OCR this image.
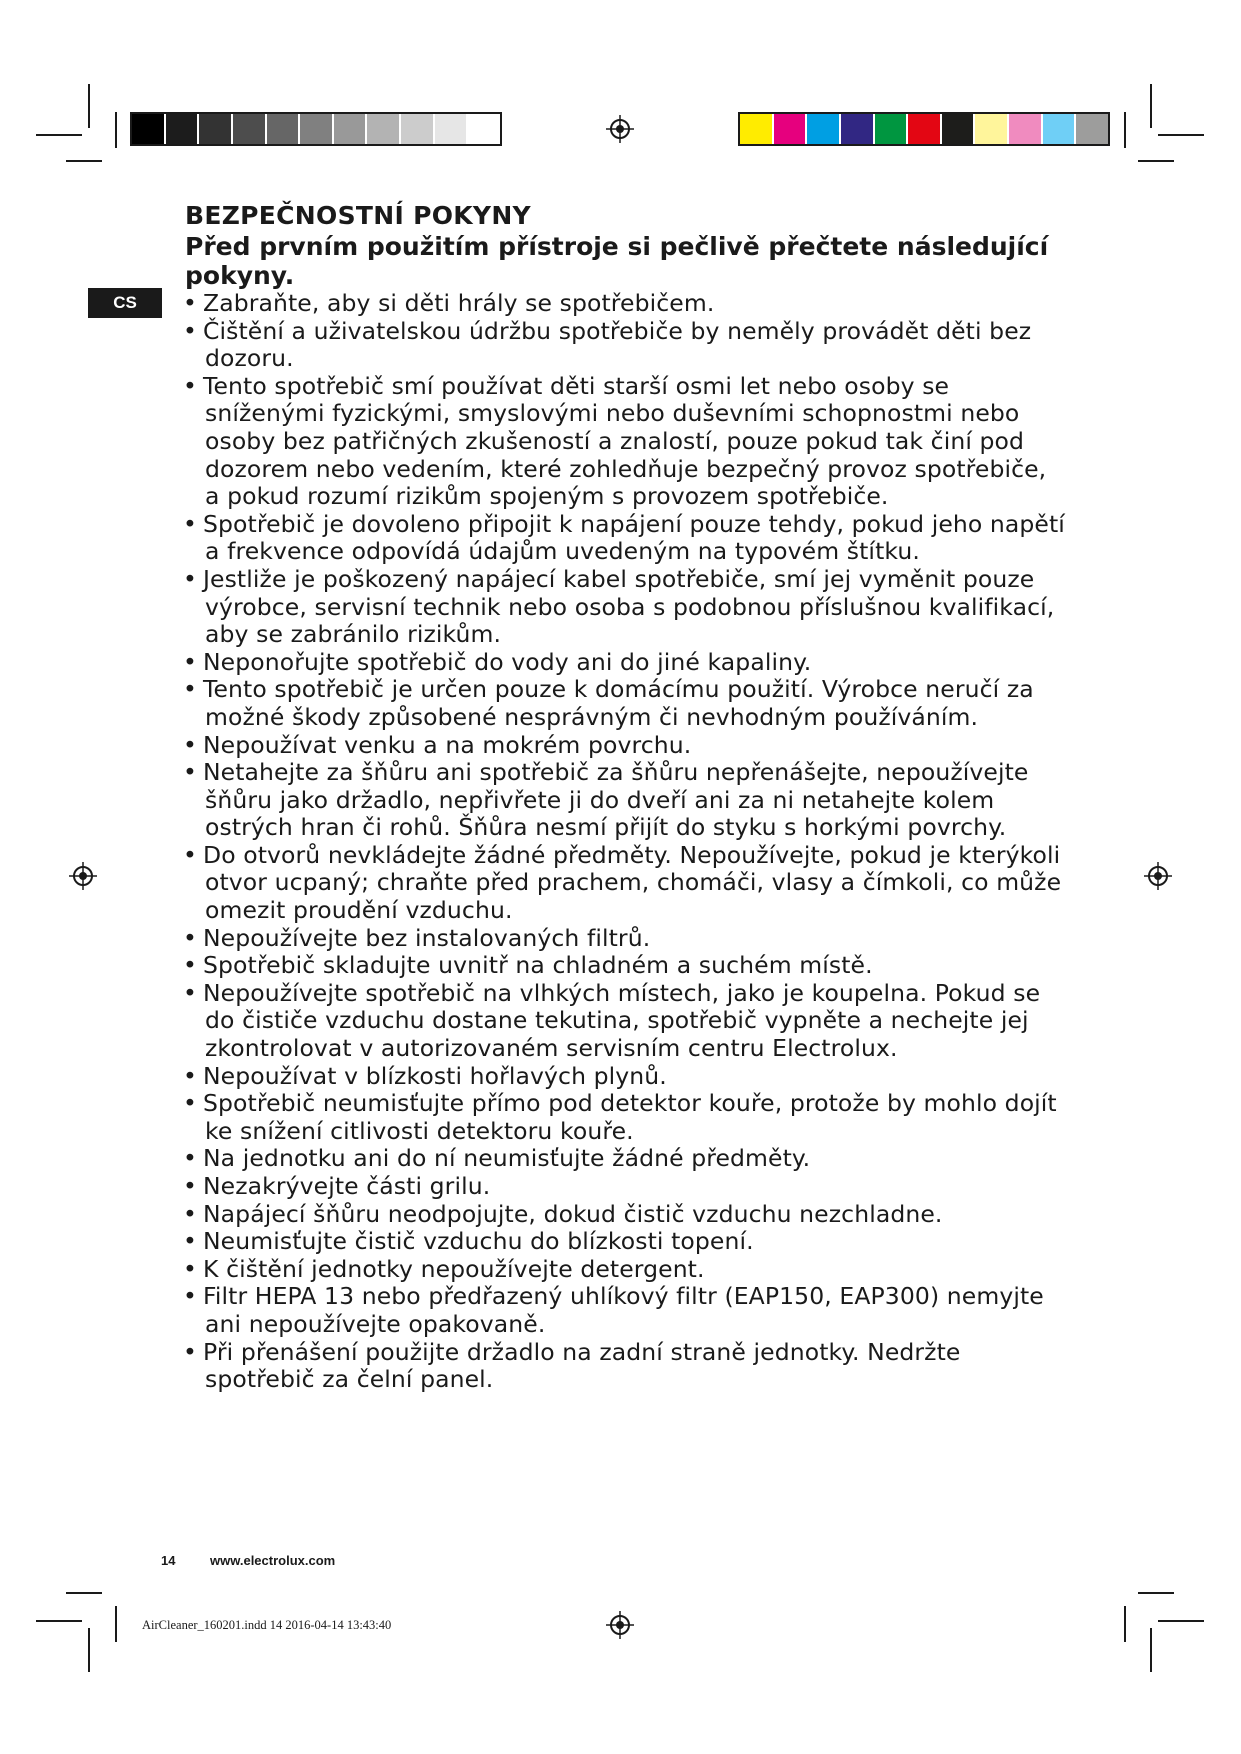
CS
BEZPEČNOSTNÍ POKYNY

Před prvním použitím přístroje si pečlivě přečtete následující pokyny.

• Zabraňte, aby si děti hrály se spotřebičem.
• Čištění a uživatelskou údržbu spotřebiče by neměly provádět děti bez dozoru.
• Tento spotřebič smí používat děti starší osmi let nebo osoby se sníženými fyzickými, smyslovými nebo duševními schopnostmi nebo osoby bez patřičných zkušeností a znalostí, pouze pokud tak činí pod dozorem nebo vedením, které zohledňuje bezpečný provoz spotřebiče, a pokud rozumí rizikům spojeným s provozem spotřebiče.
• Spotřebič je dovoleno připojit k napájení pouze tehdy, pokud jeho napětí a frekvence odpovídá údajům uvedeným na typovém štítku.
• Jestliže je poškozený napájecí kabel spotřebiče, smí jej vyměnit pouze výrobce, servisní technik nebo osoba s podobnou příslušnou kvalifikací, aby se zabránilo rizikům.
• Neponořujte spotřebič do vody ani do jiné kapaliny.
• Tento spotřebič je určen pouze k domácímu použití. Výrobce neručí za možné škody způsobené nesprávným či nevhodným používáním.
• Nepoužívat venku a na mokrém povrchu.
• Netahejte za šňůru ani spotřebič za šňůru nepřenášejte, nepoužívejte šňůru jako držadlo, nepřivřete ji do dveří ani za ni netahejte kolem ostrých hran či rohů. Šňůra nesmí přijít do styku s horkými povrchy.
• Do otvorů nevkládejte žádné předměty. Nepoužívejte, pokud je kterýkoli otvor ucpaný; chraňte před prachem, chomáči, vlasy a čímkoli, co může omezit proudění vzduchu.
• Nepoužívejte bez instalovaných filtrů.
• Spotřebič skladujte uvnitř na chladném a suchém místě.
• Nepoužívejte spotřebič na vlhkých místech, jako je koupelna. Pokud se do čističe vzduchu dostane tekutina, spotřebič vypněte a nechejte jej zkontrolovat v autorizovaném servisním centru Electrolux.
• Nepoužívat v blízkosti hořlavých plynů.
• Spotřebič neumisťujte přímo pod detektor kouře, protože by mohlo dojít ke snížení citlivosti detektoru kouře.
• Na jednotku ani do ní neumisťujte žádné předměty.
• Nezakrývejte části grilu.
• Napájecí šňůru neodpojujte, dokud čistič vzduchu nezchladne.
• Neumisťujte čistič vzduchu do blízkosti topení.
• K čištění jednotky nepoužívejte detergent.
• Filtr HEPA 13 nebo předřazený uhlíkový filtr (EAP150, EAP300) nemyjte ani nepoužívejte opakovaně.
• Při přenášení použijte držadlo na zadní straně jednotky. Nedržte spotřebič za čelní panel.
14	www.electrolux.com
AirCleaner_160201.indd 14 2016-04-14 13:43:40
